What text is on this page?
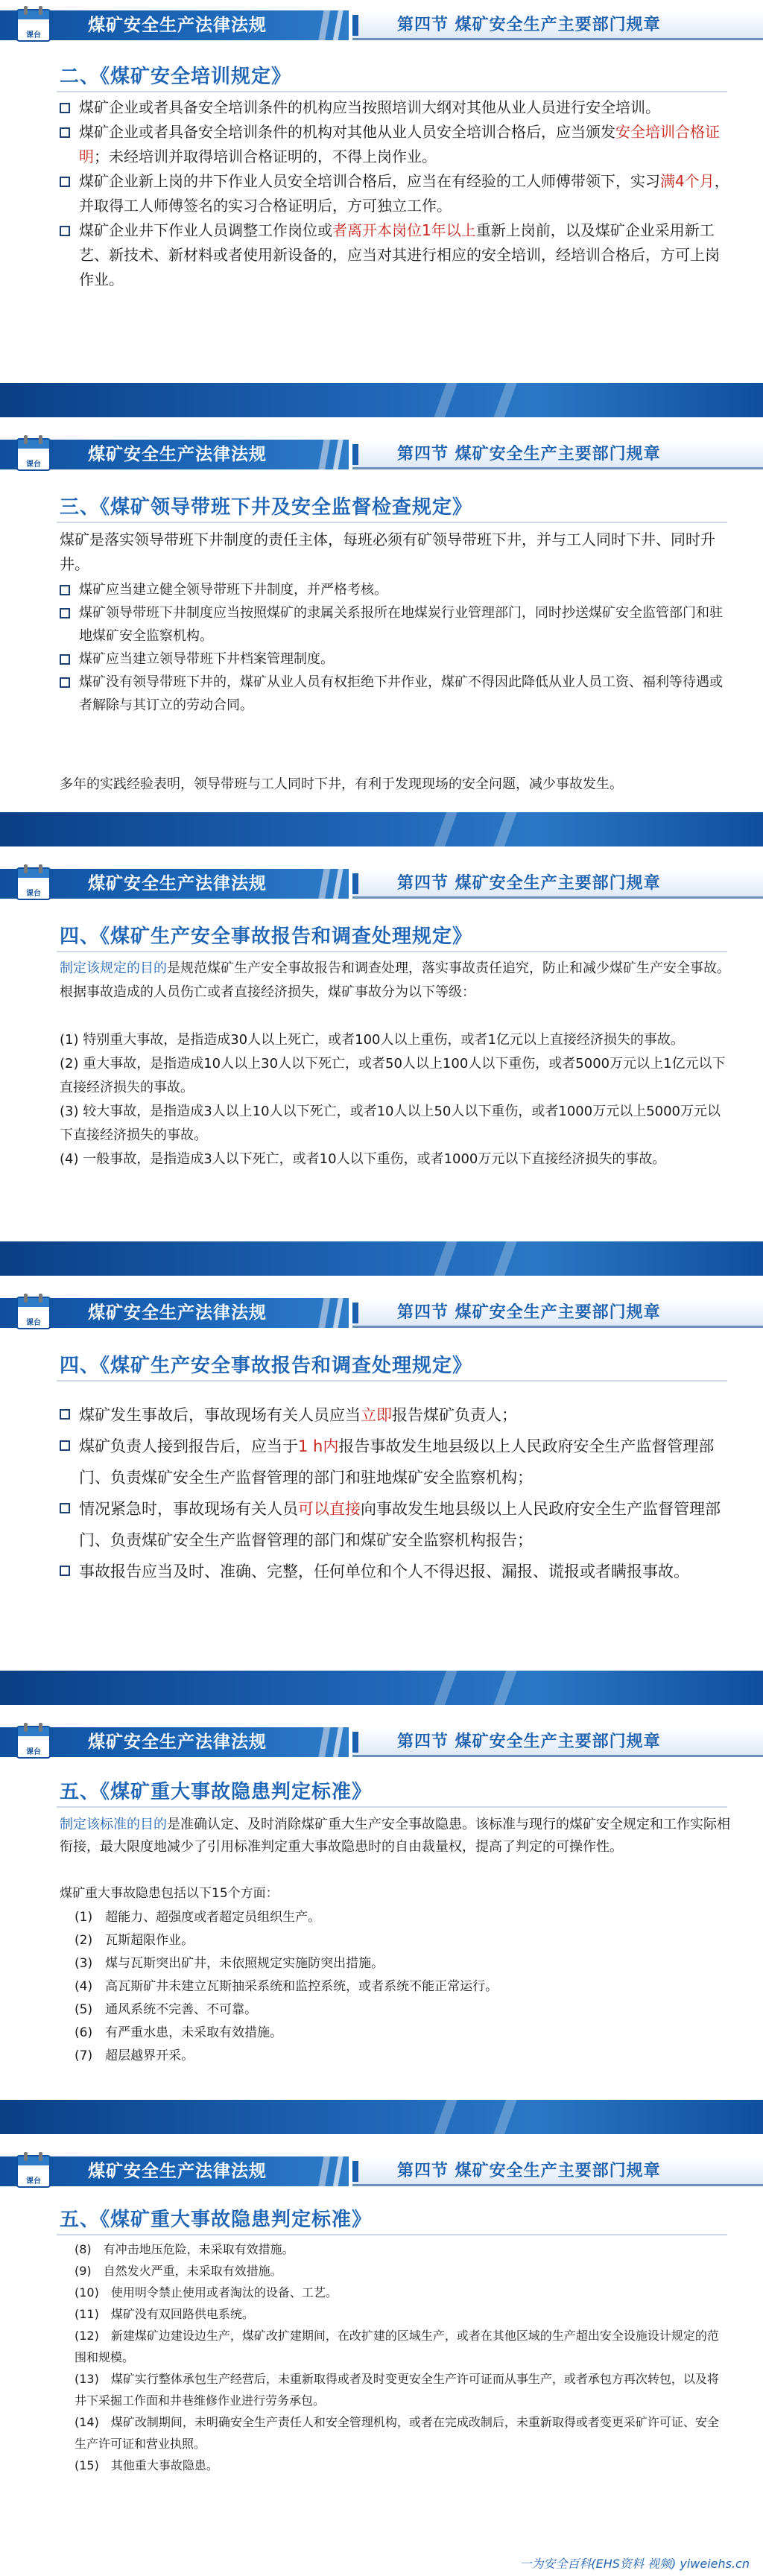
煤矿安全生产法律法规	第四节 煤矿安全生产主要部门规章
课台
二、《煤矿安全培训规定》
煤矿企业或者具备安全培训条件的机构应当按照培训大纲对其他从业人员进行安全培训。
煤矿企业或者具备安全培训条件的机构对其他从业人员安全培训合格后，应当颁发安全培训合格证明；未经培训并取得培训合格证明的，不得上岗作业。
煤矿企业新上岗的井下作业人员安全培训合格后，应当在有经验的工人师傅带领下，实习满4个月，并取得工人师傅签名的实习合格证明后，方可独立工作。
煤矿企业井下作业人员调整工作岗位或者离开本岗位1年以上重新上岗前，以及煤矿企业采用新工艺、新技术、新材料或者使用新设备的，应当对其进行相应的安全培训，经培训合格后，方可上岗作业。
煤矿安全生产法律法规	第四节 煤矿安全生产主要部门规章
课台
三、《煤矿领导带班下井及安全监督检查规定》
煤矿是落实领导带班下井制度的责任主体，每班必须有矿领导带班下井，并与工人同时下井、同时升井。
煤矿应当建立健全领导带班下井制度，并严格考核。
煤矿领导带班下井制度应当按照煤矿的隶属关系报所在地煤炭行业管理部门，同时抄送煤矿安全监管部门和驻地煤矿安全监察机构。
煤矿应当建立领导带班下井档案管理制度。
煤矿没有领导带班下井的，煤矿从业人员有权拒绝下井作业，煤矿不得因此降低从业人员工资、福利等待遇或者解除与其订立的劳动合同。
多年的实践经验表明，领导带班与工人同时下井，有利于发现现场的安全问题，减少事故发生。
煤矿安全生产法律法规	第四节 煤矿安全生产主要部门规章
课台
四、《煤矿生产安全事故报告和调查处理规定》
制定该规定的目的是规范煤矿生产安全事故报告和调查处理，落实事故责任追究，防止和减少煤矿生产安全事故。根据事故造成的人员伤亡或者直接经济损失，煤矿事故分为以下等级：
(1) 特别重大事故，是指造成30人以上死亡，或者100人以上重伤，或者1亿元以上直接经济损失的事故。
(2) 重大事故，是指造成10人以上30人以下死亡，或者50人以上100人以下重伤，或者5000万元以上1亿元以下直接经济损失的事故。
(3) 较大事故，是指造成3人以上10人以下死亡，或者10人以上50人以下重伤，或者1000万元以上5000万元以下直接经济损失的事故。
(4) 一般事故，是指造成3人以下死亡，或者10人以下重伤，或者1000万元以下直接经济损失的事故。
煤矿安全生产法律法规	第四节 煤矿安全生产主要部门规章
课台
四、《煤矿生产安全事故报告和调查处理规定》
煤矿发生事故后，事故现场有关人员应当立即报告煤矿负责人；
煤矿负责人接到报告后，应当于1 h内报告事故发生地县级以上人民政府安全生产监督管理部门、负责煤矿安全生产监督管理的部门和驻地煤矿安全监察机构；
情况紧急时，事故现场有关人员可以直接向事故发生地县级以上人民政府安全生产监督管理部门、负责煤矿安全生产监督管理的部门和煤矿安全监察机构报告；
事故报告应当及时、准确、完整，任何单位和个人不得迟报、漏报、谎报或者瞒报事故。
煤矿安全生产法律法规	第四节 煤矿安全生产主要部门规章
课台
五、《煤矿重大事故隐患判定标准》
制定该标准的目的是准确认定、及时消除煤矿重大生产安全事故隐患。该标准与现行的煤矿安全规定和工作实际相衔接，最大限度地减少了引用标准判定重大事故隐患时的自由裁量权，提高了判定的可操作性。
煤矿重大事故隐患包括以下15个方面：
(1)　超能力、超强度或者超定员组织生产。
(2)　瓦斯超限作业。
(3)　煤与瓦斯突出矿井，未依照规定实施防突出措施。
(4)　高瓦斯矿井未建立瓦斯抽采系统和监控系统，或者系统不能正常运行。
(5)　通风系统不完善、不可靠。
(6)　有严重水患，未采取有效措施。
(7)　超层越界开采。
煤矿安全生产法律法规	第四节 煤矿安全生产主要部门规章
课台
五、《煤矿重大事故隐患判定标准》
(8)　有冲击地压危险，未采取有效措施。
(9)　自然发火严重，未采取有效措施。
(10)　使用明令禁止使用或者淘汰的设备、工艺。
(11)　煤矿没有双回路供电系统。
(12)　新建煤矿边建设边生产，煤矿改扩建期间，在改扩建的区域生产，或者在其他区域的生产超出安全设施设计规定的范围和规模。
(13)　煤矿实行整体承包生产经营后，未重新取得或者及时变更安全生产许可证而从事生产，或者承包方再次转包，以及将井下采掘工作面和井巷维修作业进行劳务承包。
(14)　煤矿改制期间，未明确安全生产责任人和安全管理机构，或者在完成改制后，未重新取得或者变更采矿许可证、安全生产许可证和营业执照。
(15)　其他重大事故隐患。
一为安全百科(EHS资料 视频) yiweiehs.cn
